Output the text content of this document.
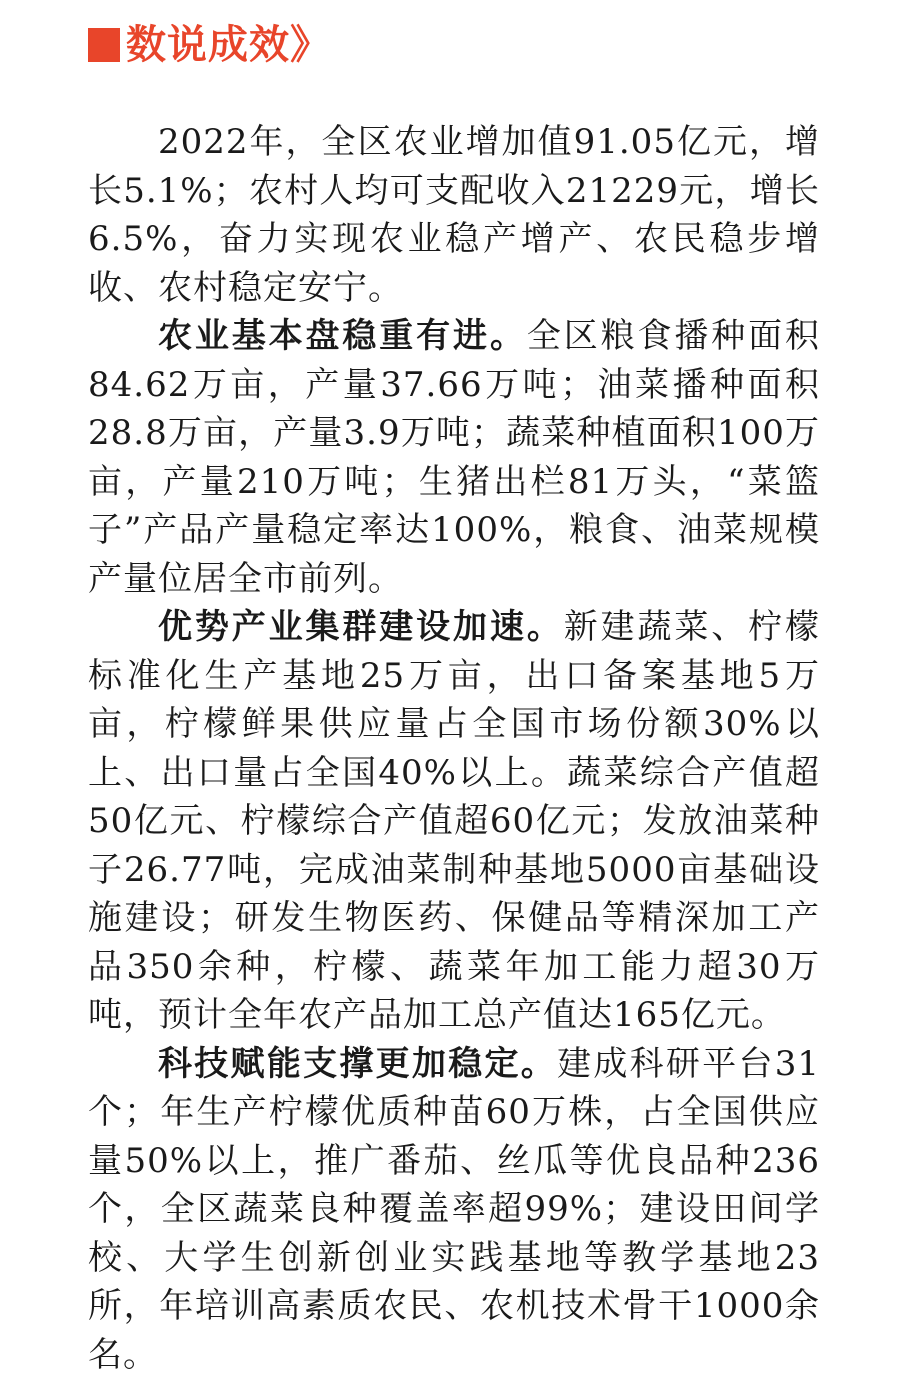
数说成效》

2022年，全区农业增加值91.05亿元，增长5.1%；农村人均可支配收入21229元，增长6.5%，奋力实现农业稳产增产、农民稳步增收、农村稳定安宁。

农业基本盘稳重有进。全区粮食播种面积84.62万亩，产量37.66万吨；油菜播种面积28.8万亩，产量3.9万吨；蔬菜种植面积100万亩，产量210万吨；生猪出栏81万头，“菜篮子”产品产量稳定率达100%，粮食、油菜规模产量位居全市前列。

优势产业集群建设加速。新建蔬菜、柠檬标准化生产基地25万亩，出口备案基地5万亩，柠檬鲜果供应量占全国市场份额30%以上、出口量占全国40%以上。蔬菜综合产值超50亿元、柠檬综合产值超60亿元；发放油菜种子26.77吨，完成油菜制种基地5000亩基础设施建设；研发生物医药、保健品等精深加工产品350余种，柠檬、蔬菜年加工能力超30万吨，预计全年农产品加工总产值达165亿元。

科技赋能支撑更加稳定。建成科研平台31个；年生产柠檬优质种苗60万株，占全国供应量50%以上，推广番茄、丝瓜等优良品种236个，全区蔬菜良种覆盖率超99%；建设田间学校、大学生创新创业实践基地等教学基地23所，年培训高素质农民、农机技术骨干1000余名。
